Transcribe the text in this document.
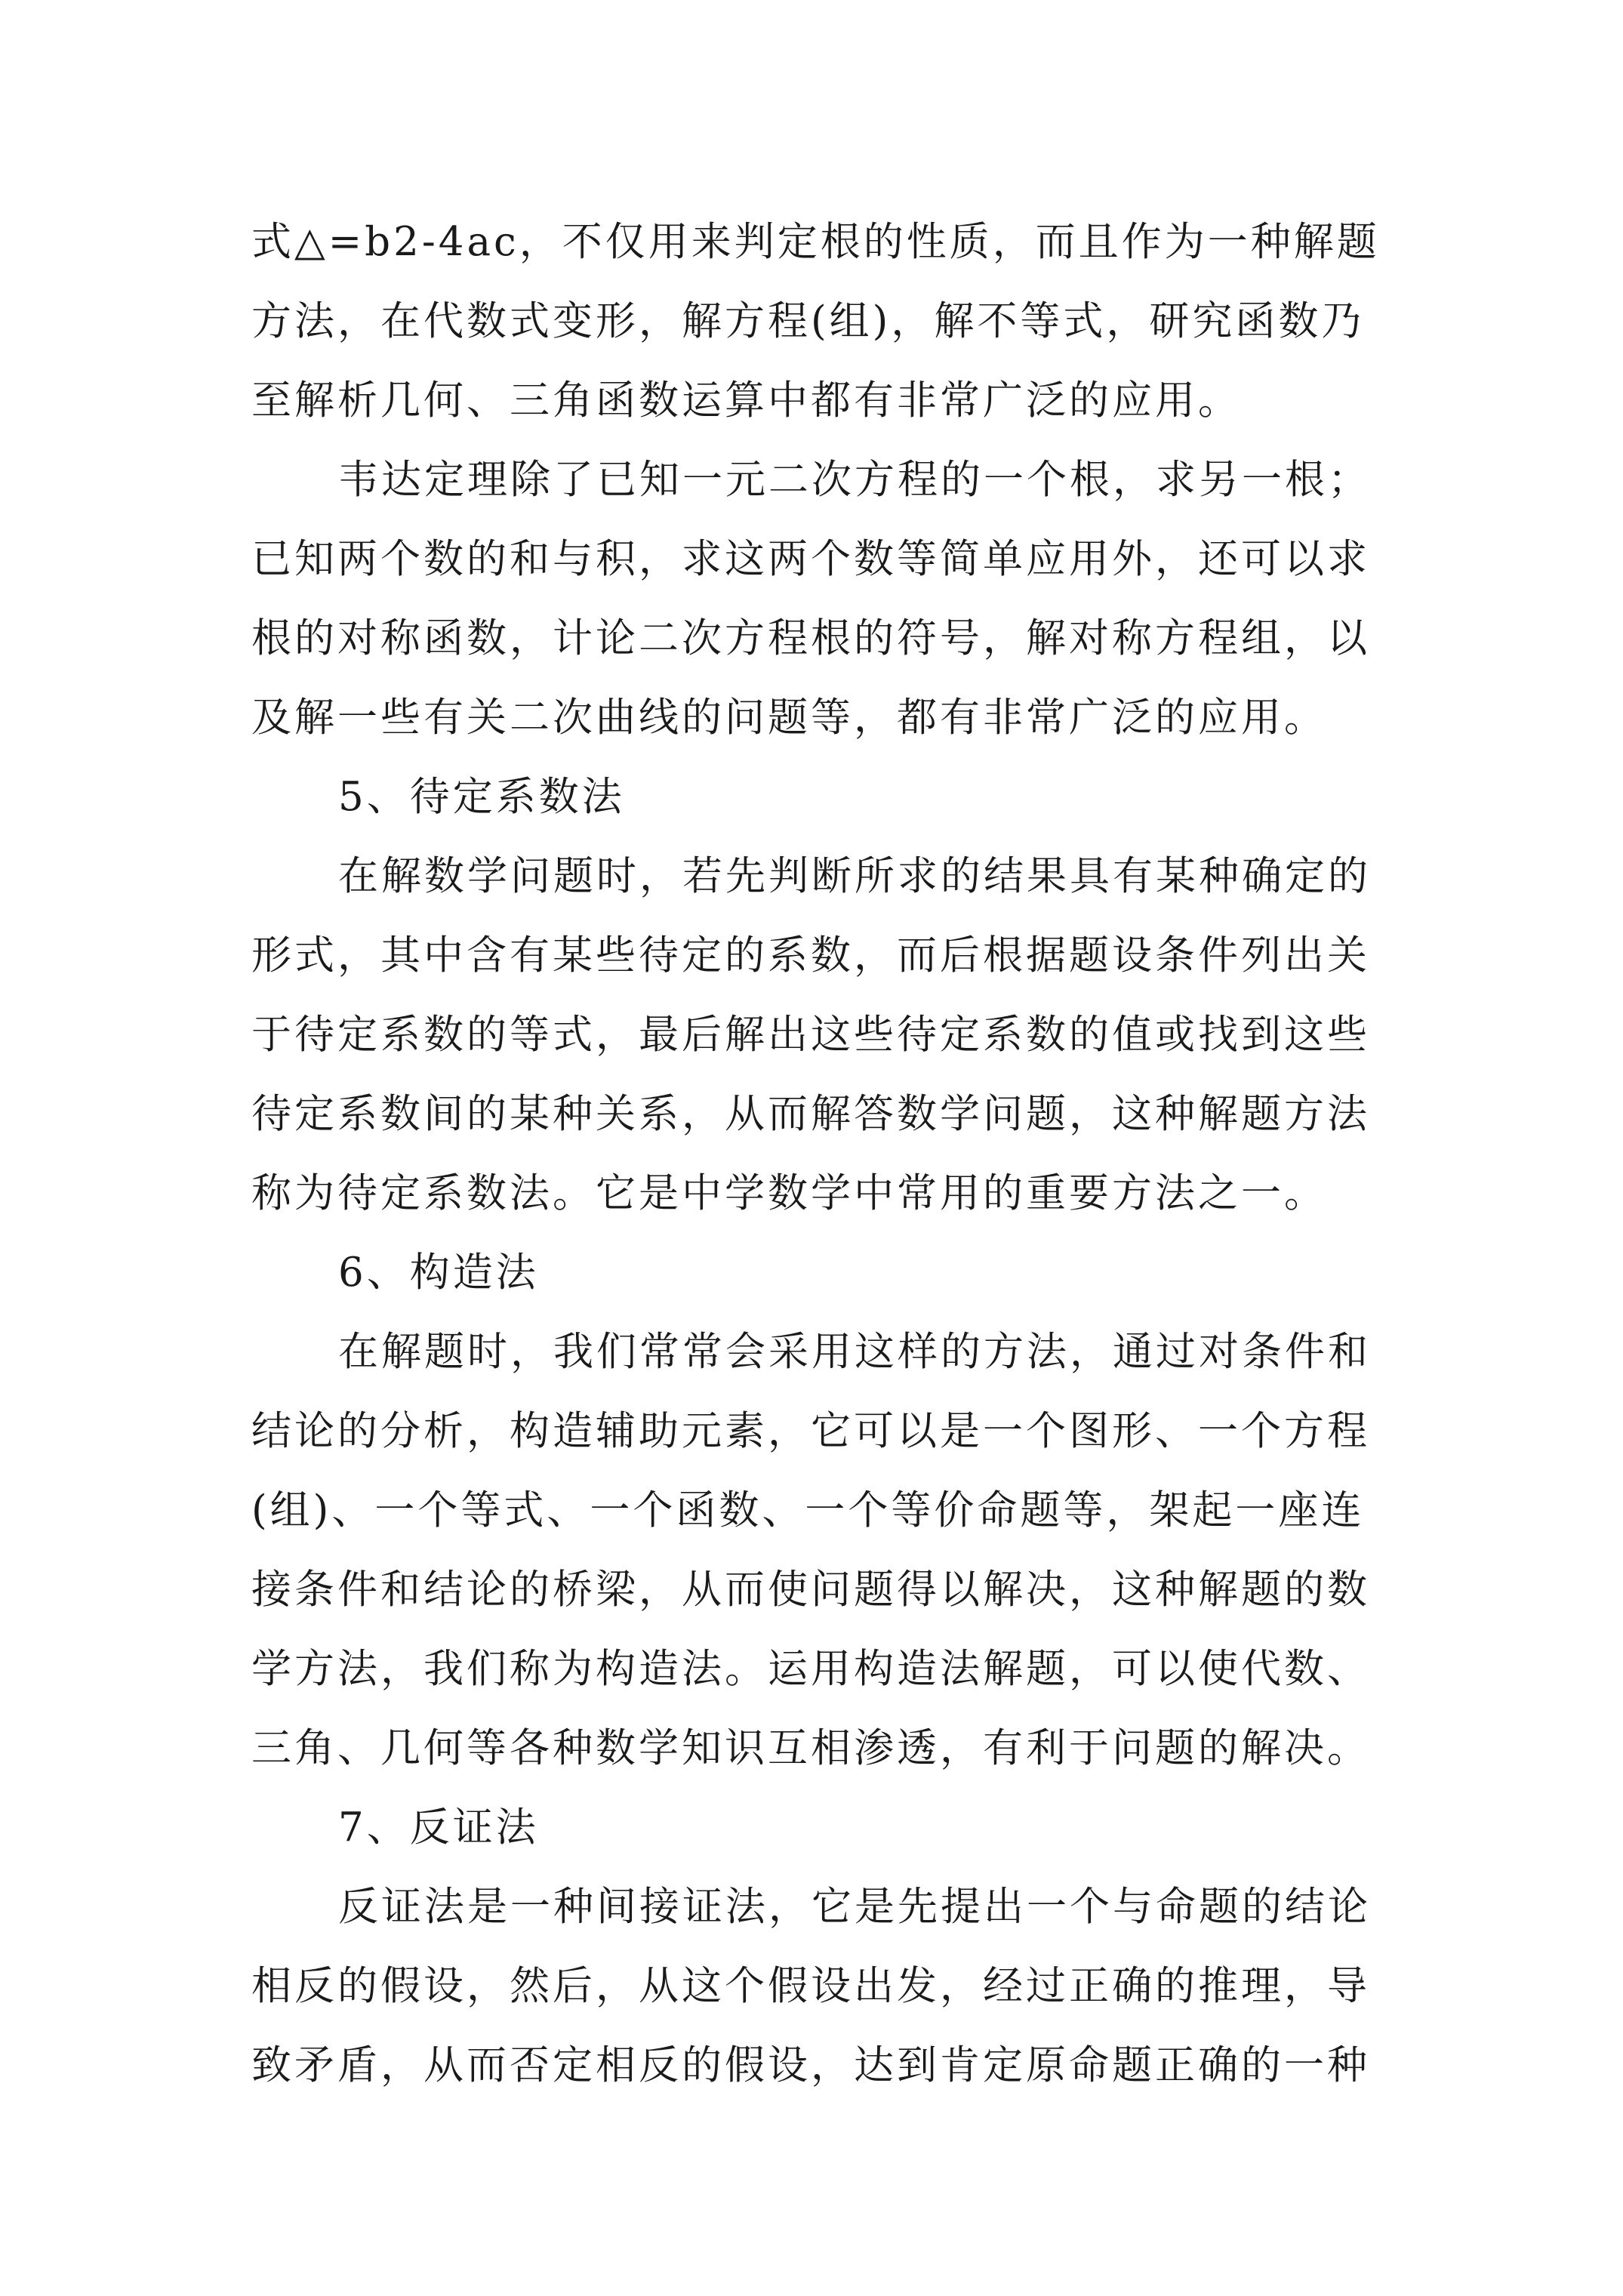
式△=b2-4ac，不仅用来判定根的性质，而且作为一种解题
方法，在代数式变形，解方程(组)，解不等式，研究函数乃
至解析几何、三角函数运算中都有非常广泛的应用。
韦达定理除了已知一元二次方程的一个根，求另一根；
已知两个数的和与积，求这两个数等简单应用外，还可以求
根的对称函数，计论二次方程根的符号，解对称方程组，以
及解一些有关二次曲线的问题等，都有非常广泛的应用。
5、待定系数法
在解数学问题时，若先判断所求的结果具有某种确定的
形式，其中含有某些待定的系数，而后根据题设条件列出关
于待定系数的等式，最后解出这些待定系数的值或找到这些
待定系数间的某种关系，从而解答数学问题，这种解题方法
称为待定系数法。它是中学数学中常用的重要方法之一。
6、构造法
在解题时，我们常常会采用这样的方法，通过对条件和
结论的分析，构造辅助元素，它可以是一个图形、一个方程
(组)、一个等式、一个函数、一个等价命题等，架起一座连
接条件和结论的桥梁，从而使问题得以解决，这种解题的数
学方法，我们称为构造法。运用构造法解题，可以使代数、
三角、几何等各种数学知识互相渗透，有利于问题的解决。
7、反证法
反证法是一种间接证法，它是先提出一个与命题的结论
相反的假设，然后，从这个假设出发，经过正确的推理，导
致矛盾，从而否定相反的假设，达到肯定原命题正确的一种
